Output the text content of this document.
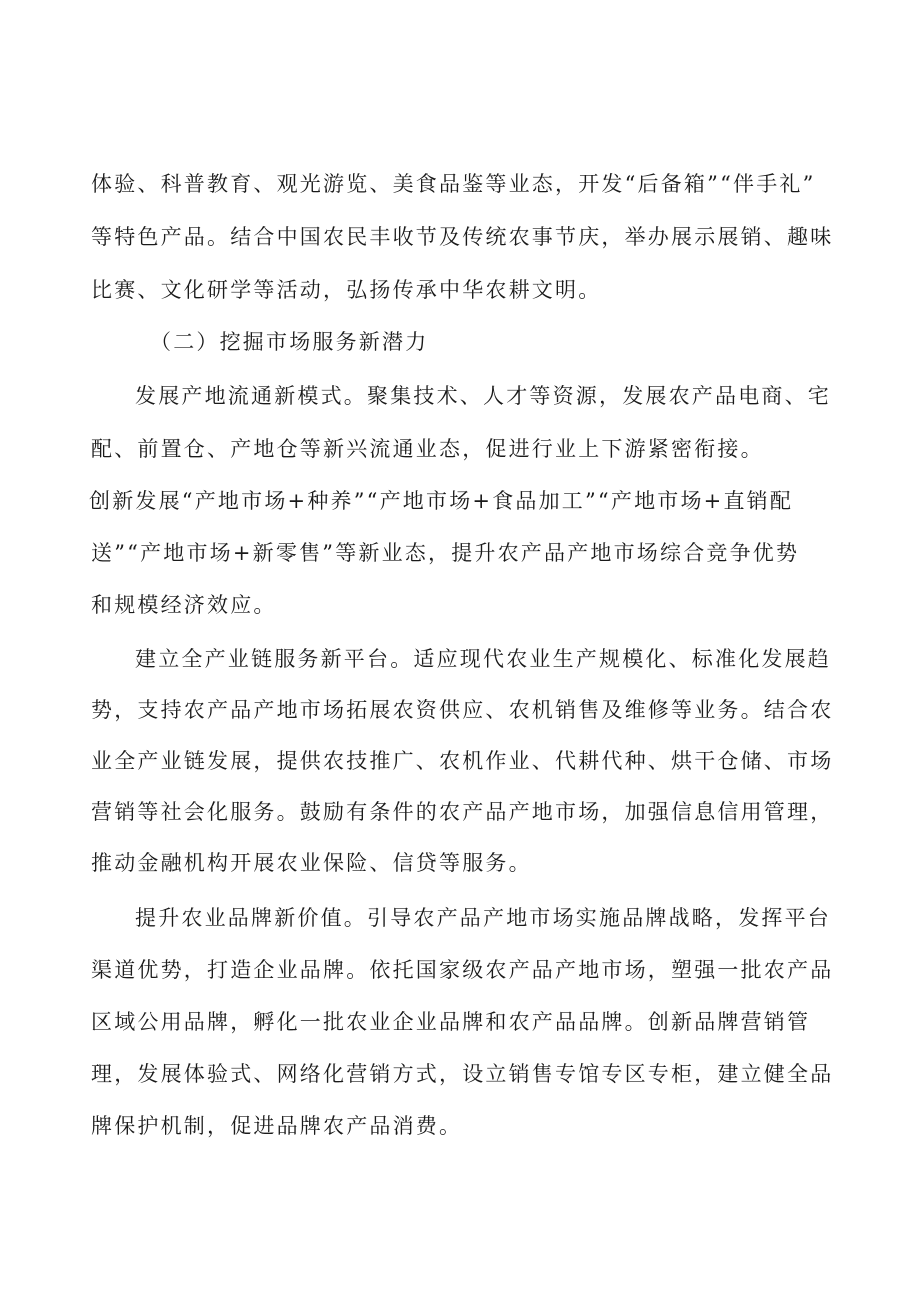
体验、科普教育、观光游览、美食品鉴等业态，开发“后备箱”“伴手礼”
等特色产品。结合中国农民丰收节及传统农事节庆，举办展示展销、趣味
比赛、文化研学等活动，弘扬传承中华农耕文明。
（二）挖掘市场服务新潜力
发展产地流通新模式。聚集技术、人才等资源，发展农产品电商、宅
配、前置仓、产地仓等新兴流通业态，促进行业上下游紧密衔接。
创新发展“产地市场+种养”“产地市场+食品加工”“产地市场+直销配
送”“产地市场+新零售”等新业态，提升农产品产地市场综合竞争优势
和规模经济效应。
建立全产业链服务新平台。适应现代农业生产规模化、标准化发展趋
势，支持农产品产地市场拓展农资供应、农机销售及维修等业务。结合农
业全产业链发展，提供农技推广、农机作业、代耕代种、烘干仓储、市场
营销等社会化服务。鼓励有条件的农产品产地市场，加强信息信用管理，
推动金融机构开展农业保险、信贷等服务。
提升农业品牌新价值。引导农产品产地市场实施品牌战略，发挥平台
渠道优势，打造企业品牌。依托国家级农产品产地市场，塑强一批农产品
区域公用品牌，孵化一批农业企业品牌和农产品品牌。创新品牌营销管
理，发展体验式、网络化营销方式，设立销售专馆专区专柜，建立健全品
牌保护机制，促进品牌农产品消费。
